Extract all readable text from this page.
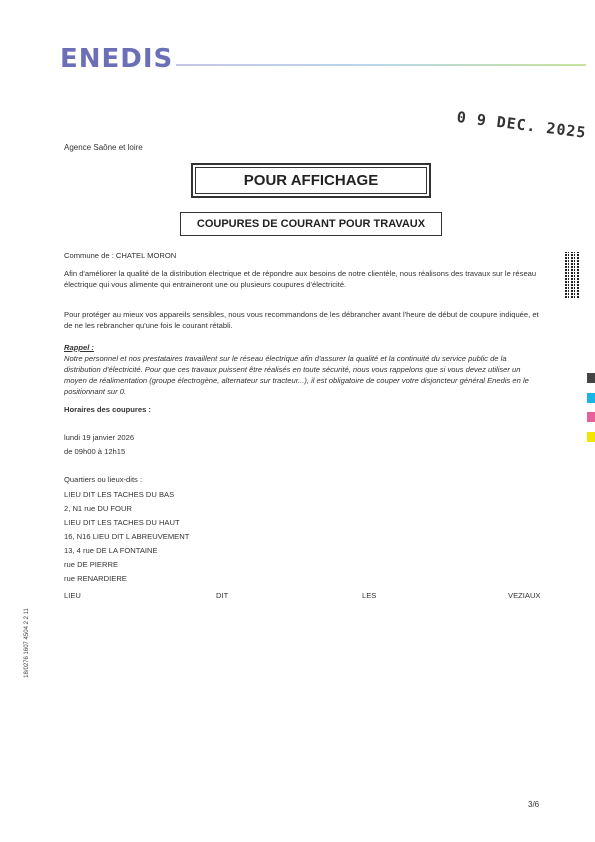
ENEDIS
0 9 DEC. 2025
Agence Saône et loire
POUR AFFICHAGE
COUPURES DE COURANT POUR TRAVAUX
Commune de : CHATEL MORON
Afin d'améliorer la qualité de la distribution électrique et de répondre aux besoins de notre clientèle, nous réalisons des travaux sur le réseau électrique qui vous alimente qui entraineront une ou plusieurs coupures d'électricité.
Pour protéger au mieux vos appareils sensibles, nous vous recommandons de les débrancher avant l'heure de début de coupure indiquée, et de ne les rebrancher qu'une fois le courant rétabli.
Rappel :
Notre personnel et nos prestataires travaillent sur le réseau électrique afin d'assurer la qualité et la continuité du service public de la distribution d'électricité. Pour que ces travaux puissent être réalisés en toute sécurité, nous vous rappelons que si vous devez utiliser un moyen de réalimentation (groupe électrogène, alternateur sur tracteur...), il est obligatoire de couper votre disjoncteur général Enedis en le positionnant sur 0.
Horaires des coupures :
lundi 19 janvier 2026
de 09h00 à 12h15
Quartiers ou lieux-dits :
LIEU DIT LES TACHES DU BAS
2, N1 rue DU FOUR
LIEU DIT LES TACHES DU HAUT
16, N16 LIEU DIT L ABREUVEMENT
13, 4 rue DE LA FONTAINE
rue DE PIERRE
rue RENARDIERE
LIEU	DIT	LES	VEZIAUX
18/0276 1607 4504 2 2 11
3/6
